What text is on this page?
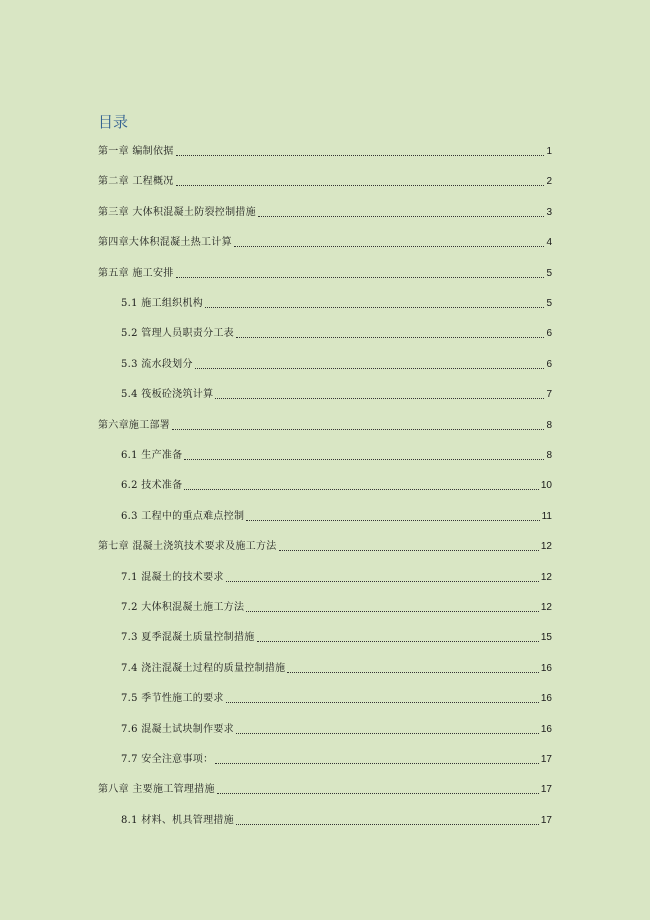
目录
第一章 编制依据	1
第二章 工程概况	2
第三章 大体积混凝土防裂控制措施	3
第四章大体积混凝土热工计算	4
第五章 施工安排	5
5.1 施工组织机构	5
5.2 管理人员职责分工表	6
5.3 流水段划分	6
5.4 筏板砼浇筑计算	7
第六章施工部署	8
6.1 生产准备	8
6.2 技术准备	10
6.3 工程中的重点难点控制	11
第七章 混凝土浇筑技术要求及施工方法	12
7.1 混凝土的技术要求	12
7.2 大体积混凝土施工方法	12
7.3 夏季混凝土质量控制措施	15
7.4 浇注混凝土过程的质量控制措施	16
7.5 季节性施工的要求	16
7.6 混凝土试块制作要求	16
7.7 安全注意事项：	17
第八章 主要施工管理措施	17
8.1 材料、机具管理措施	17
